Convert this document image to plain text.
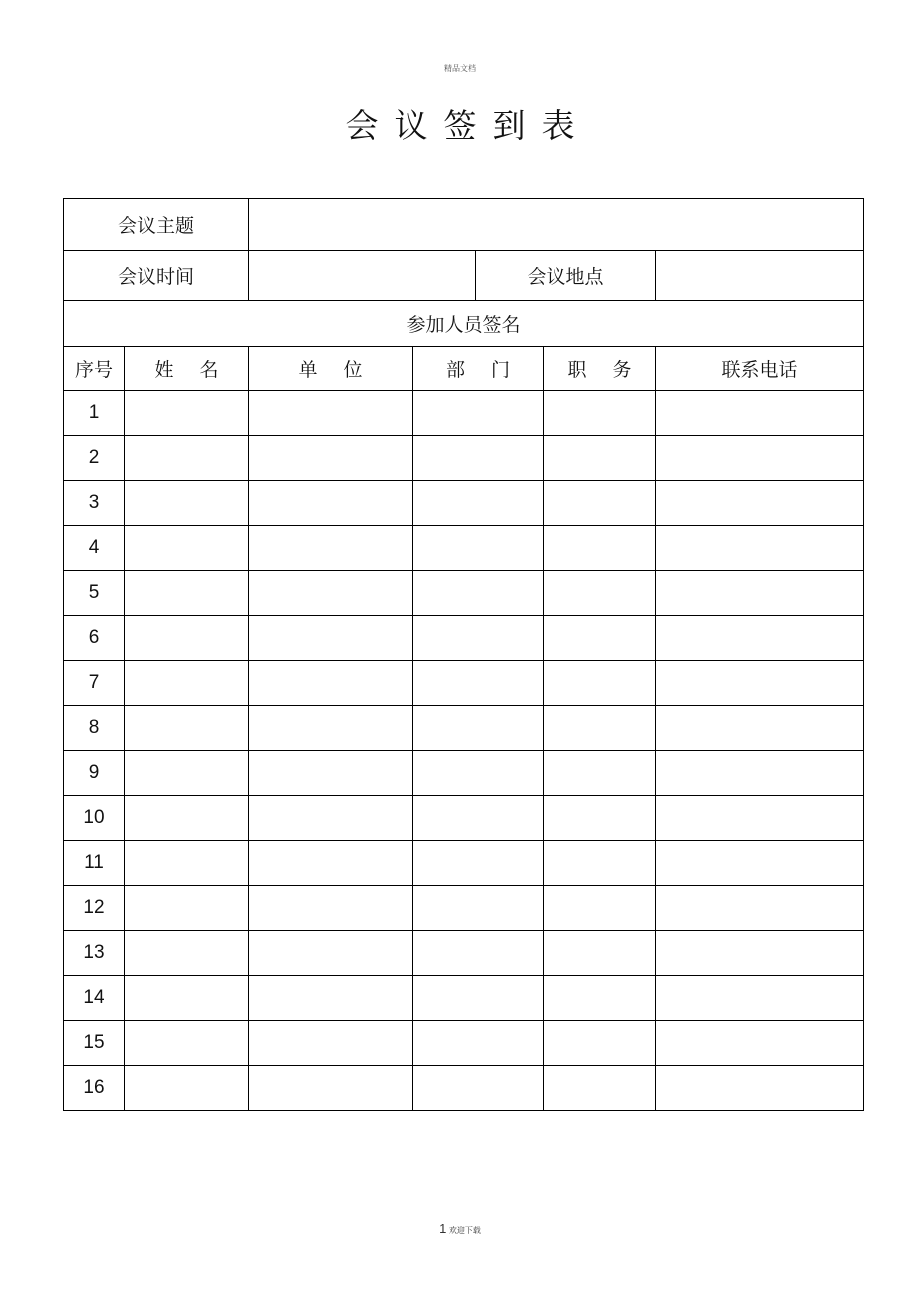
精品文档
会议签到表
会议主题						
会议时间				会议地点		
参加人员签名						
序号	姓 名	单 位	部 门		职 务	联系电话
1						
2						
3						
4						
5						
6						
7						
8						
9						
10						
11						
12						
13						
14						
15						
16						
1 欢迎下载
